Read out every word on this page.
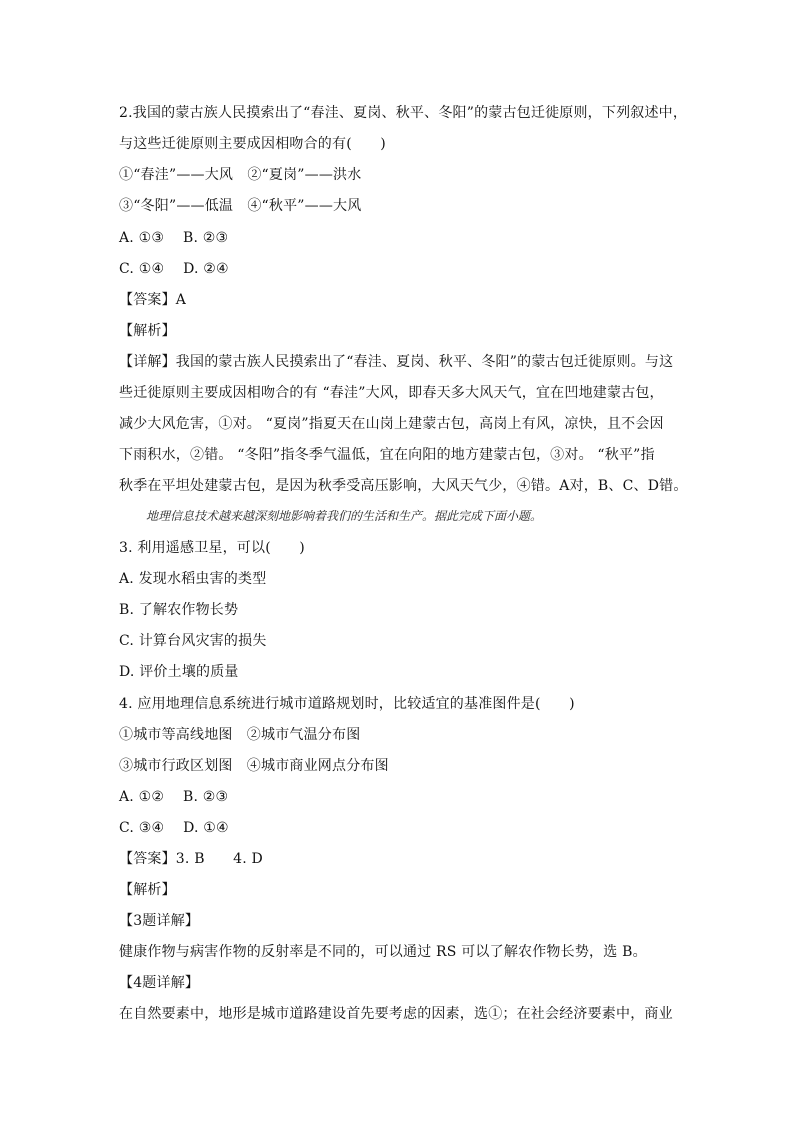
2.我国的蒙古族人民摸索出了“春洼、夏岗、秋平、冬阳”的蒙古包迁徙原则，下列叙述中，
与这些迁徙原则主要成因相吻合的有(　　)
①“春洼”——大风　②“夏岗”——洪水
③“冬阳”——低温　④“秋平”——大风
A. ①③　 B. ②③
C. ①④　 D. ②④
【答案】A
【解析】
【详解】我国的蒙古族人民摸索出了“春洼、夏岗、秋平、冬阳”的蒙古包迁徙原则。与这
些迁徙原则主要成因相吻合的有 “春洼”大风，即春天多大风天气，宜在凹地建蒙古包，
减少大风危害，①对。 “夏岗”指夏天在山岗上建蒙古包，高岗上有风，凉快，且不会因
下雨积水，②错。 “冬阳”指冬季气温低，宜在向阳的地方建蒙古包，③对。 “秋平”指
秋季在平坦处建蒙古包，是因为秋季受高压影响，大风天气少，④错。A对，B、C、D错。
地理信息技术越来越深刻地影响着我们的生活和生产。据此完成下面小题。
3. 利用遥感卫星，可以(　　)
A. 发现水稻虫害的类型
B. 了解农作物长势
C. 计算台风灾害的损失
D. 评价土壤的质量
4. 应用地理信息系统进行城市道路规划时，比较适宜的基准图件是(　　)
①城市等高线地图　②城市气温分布图
③城市行政区划图　④城市商业网点分布图
A. ①②　 B. ②③
C. ③④　 D. ①④
【答案】3. B　　4. D
【解析】
【3题详解】
健康作物与病害作物的反射率是不同的，可以通过 RS 可以了解农作物长势，选 B。
【4题详解】
在自然要素中，地形是城市道路建设首先要考虑的因素，选①；在社会经济要素中，商业
